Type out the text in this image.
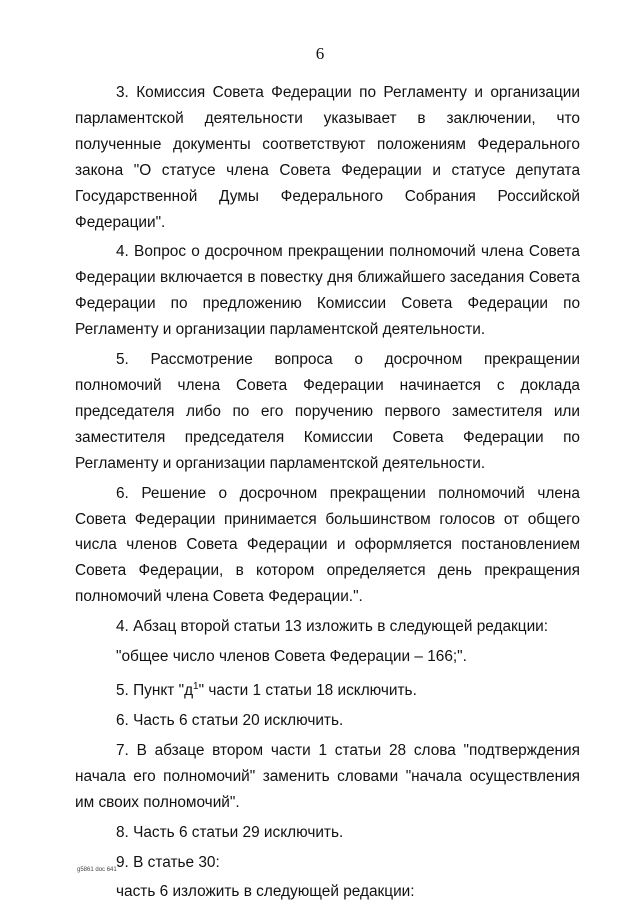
6

3. Комиссия Совета Федерации по Регламенту и организации парламентской деятельности указывает в заключении, что полученные документы соответствуют положениям Федерального закона "О статусе члена Совета Федерации и статусе депутата Государственной Думы Федерального Собрания Российской Федерации".

4. Вопрос о досрочном прекращении полномочий члена Совета Федерации включается в повестку дня ближайшего заседания Совета Федерации по предложению Комиссии Совета Федерации по Регламенту и организации парламентской деятельности.

5. Рассмотрение вопроса о досрочном прекращении полномочий члена Совета Федерации начинается с доклада председателя либо по его поручению первого заместителя или заместителя председателя Комиссии Совета Федерации по Регламенту и организации парламентской деятельности.

6. Решение о досрочном прекращении полномочий члена Совета Федерации принимается большинством голосов от общего числа членов Совета Федерации и оформляется постановлением Совета Федерации, в котором определяется день прекращения полномочий члена Совета Федерации.".

4. Абзац второй статьи 13 изложить в следующей редакции:

"общее число членов Совета Федерации – 166;".

5. Пункт "$д^1$" части 1 статьи 18 исключить.

6. Часть 6 статьи 20 исключить.

7. В абзаце втором части 1 статьи 28 слова "подтверждения начала его полномочий" заменить словами "начала осуществления им своих полномочий".

8. Часть 6 статьи 29 исключить.

9. В статье 30:

часть 6 изложить в следующей редакции:

g5861 doc 641
